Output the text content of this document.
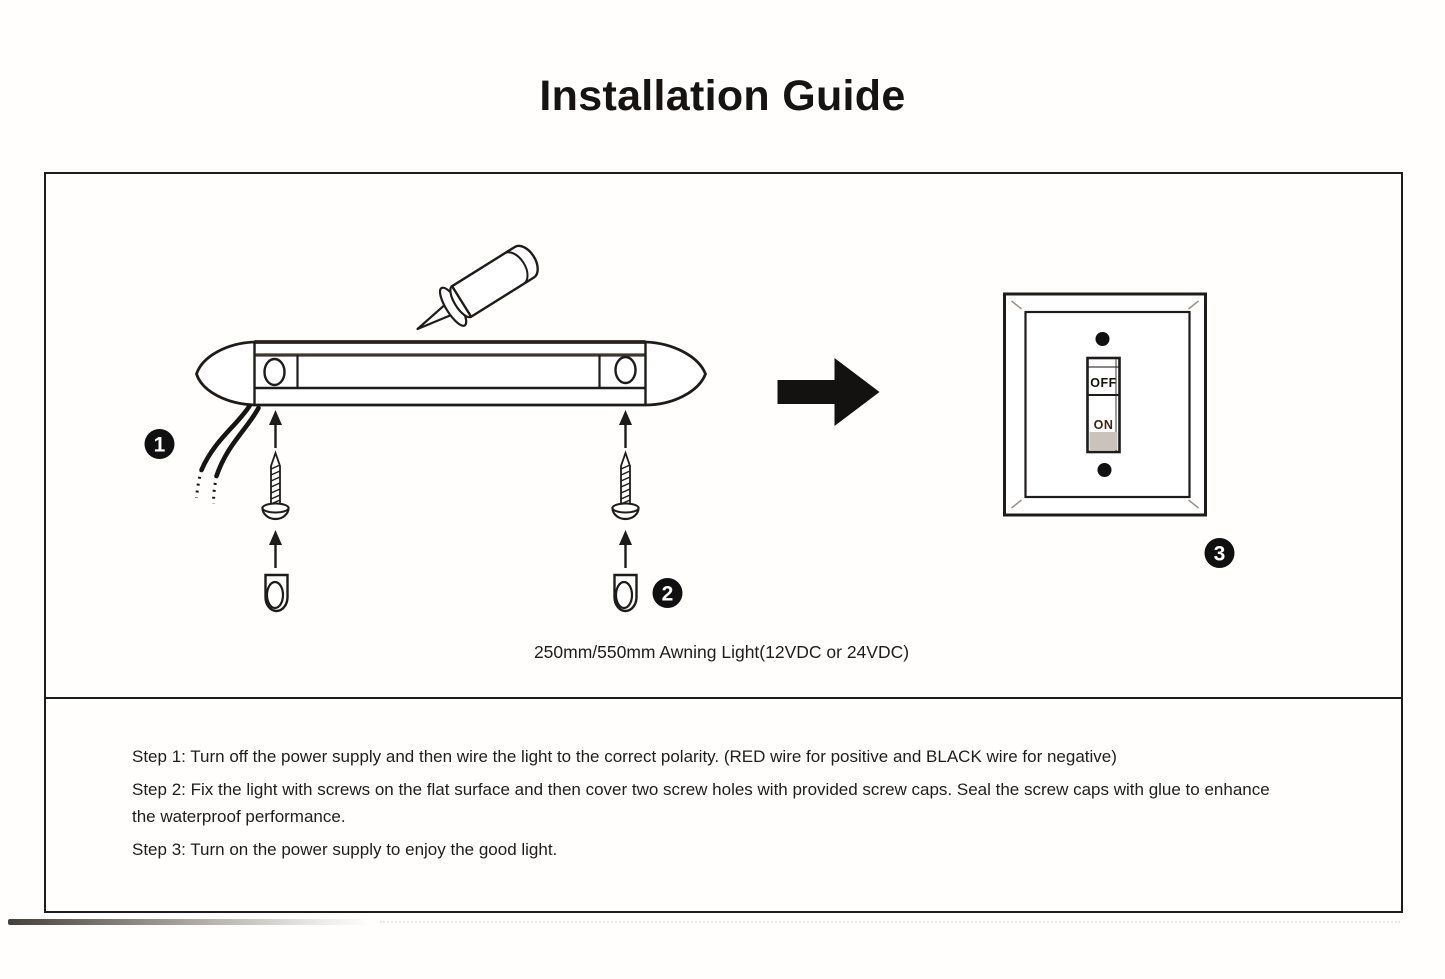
Installation Guide
1
2
3
OFF
ON
250mm/550mm Awning Light(12VDC or 24VDC)

Step 1: Turn off the power supply and then wire the light to the correct polarity. (RED wire for positive and BLACK wire for negative)

Step 2: Fix the light with screws on the flat surface and then cover two screw holes with provided screw caps. Seal the screw caps with glue to enhance the waterproof performance.

Step 3: Turn on the power supply to enjoy the good light.
